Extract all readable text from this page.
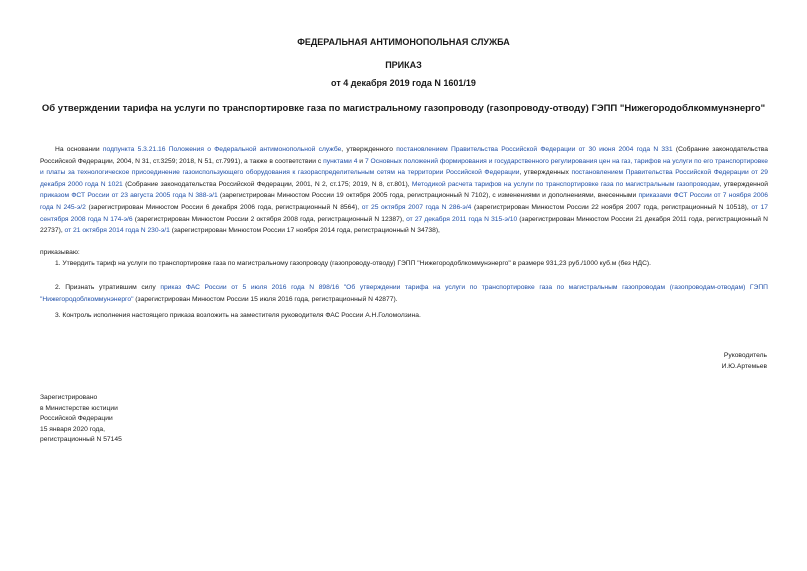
ФЕДЕРАЛЬНАЯ АНТИМОНОПОЛЬНАЯ СЛУЖБА
ПРИКАЗ
от 4 декабря 2019 года N 1601/19
Об утверждении тарифа на услуги по транспортировке газа по магистральному газопроводу (газопроводу-отводу) ГЭПП "Нижегородоблкоммунэнерго"
На основании подпункта 5.3.21.16 Положения о Федеральной антимонопольной службе, утвержденного постановлением Правительства Российской Федерации от 30 июня 2004 года N 331 (Собрание законодательства Российской Федерации, 2004, N 31, ст.3259; 2018, N 51, ст.7991), а также в соответствии с пунктами 4 и 7 Основных положений формирования и государственного регулирования цен на газ, тарифов на услуги по его транспортировке и платы за технологическое присоединение газоиспользующего оборудования к газораспределительным сетям на территории Российской Федерации, утвержденных постановлением Правительства Российской Федерации от 29 декабря 2000 года N 1021 (Собрание законодательства Российской Федерации, 2001, N 2, ст.175; 2019, N 8, ст.801), Методикой расчета тарифов на услуги по транспортировке газа по магистральным газопроводам, утвержденной приказом ФСТ России от 23 августа 2005 года N 388-э/1 (зарегистрирован Минюстом России 19 октября 2005 года, регистрационный N 7102), с изменениями и дополнениями, внесенными приказами ФСТ России от 7 ноября 2006 года N 245-э/2 (зарегистрирован Минюстом России 6 декабря 2006 года, регистрационный N 8564), от 25 октября 2007 года N 286-э/4 (зарегистрирован Минюстом России 22 ноября 2007 года, регистрационный N 10518), от 17 сентября 2008 года N 174-э/6 (зарегистрирован Минюстом России 2 октября 2008 года, регистрационный N 12387), от 27 декабря 2011 года N 315-э/10 (зарегистрирован Минюстом России 21 декабря 2011 года, регистрационный N 22737), от 21 октября 2014 года N 230-э/1 (зарегистрирован Минюстом России 17 ноября 2014 года, регистрационный N 34738),
приказываю:
1. Утвердить тариф на услуги по транспортировке газа по магистральному газопроводу (газопроводу-отводу) ГЭПП "Нижегородоблкоммунэнерго" в размере 931,23 руб./1000 куб.м (без НДС).
2. Признать утратившим силу приказ ФАС России от 5 июля 2016 года N 898/16 "Об утверждении тарифа на услуги по транспортировке газа по магистральным газопроводам (газопроводам-отводам) ГЭПП "Нижегородоблкоммунэнерго" (зарегистрирован Минюстом России 15 июля 2016 года, регистрационный N 42877).
3. Контроль исполнения настоящего приказа возложить на заместителя руководителя ФАС России А.Н.Голомолзина.
Руководитель
И.Ю.Артемьев
Зарегистрировано
в Министерстве юстиции
Российской Федерации
15 января 2020 года,
регистрационный N 57145
